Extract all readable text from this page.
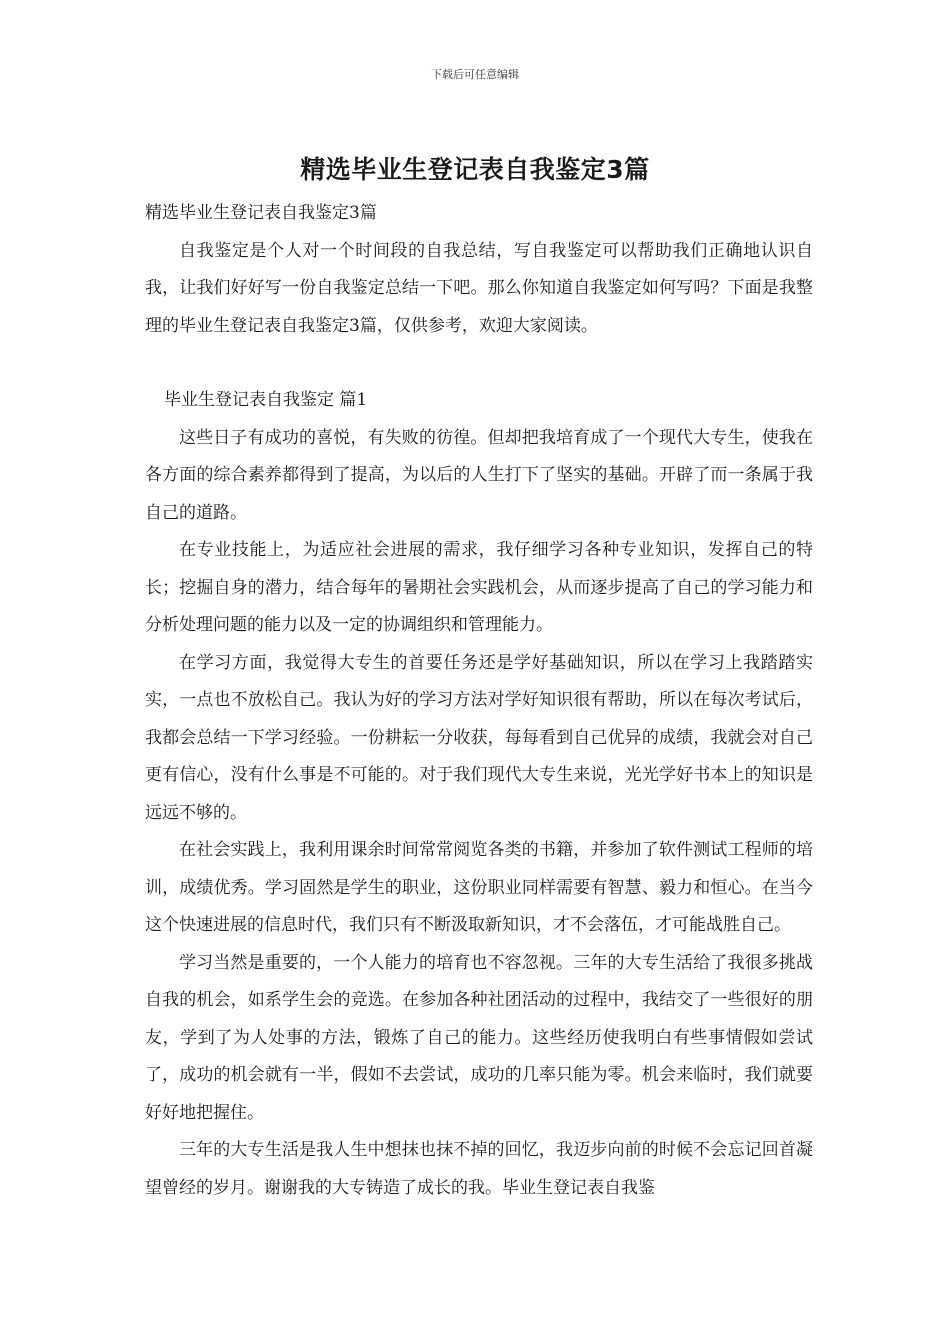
下载后可任意编辑
精选毕业生登记表自我鉴定3篇

精选毕业生登记表自我鉴定3篇

自我鉴定是个人对一个时间段的自我总结，写自我鉴定可以帮助我们正确地认识自我，让我们好好写一份自我鉴定总结一下吧。那么你知道自我鉴定如何写吗？下面是我整理的毕业生登记表自我鉴定3篇，仅供参考，欢迎大家阅读。

毕业生登记表自我鉴定 篇1

这些日子有成功的喜悦，有失败的彷徨。但却把我培育成了一个现代大专生，使我在各方面的综合素养都得到了提高，为以后的人生打下了坚实的基础。开辟了而一条属于我自己的道路。

在专业技能上，为适应社会进展的需求，我仔细学习各种专业知识，发挥自己的特长；挖掘自身的潜力，结合每年的暑期社会实践机会，从而逐步提高了自己的学习能力和分析处理问题的能力以及一定的协调组织和管理能力。

在学习方面，我觉得大专生的首要任务还是学好基础知识，所以在学习上我踏踏实实，一点也不放松自己。我认为好的学习方法对学好知识很有帮助，所以在每次考试后，我都会总结一下学习经验。一份耕耘一分收获，每每看到自己优异的成绩，我就会对自己更有信心，没有什么事是不可能的。对于我们现代大专生来说，光光学好书本上的知识是远远不够的。

在社会实践上，我利用课余时间常常阅览各类的书籍，并参加了软件测试工程师的培训，成绩优秀。学习固然是学生的职业，这份职业同样需要有智慧、毅力和恒心。在当今这个快速进展的信息时代，我们只有不断汲取新知识，才不会落伍，才可能战胜自己。

学习当然是重要的，一个人能力的培育也不容忽视。三年的大专生活给了我很多挑战自我的机会，如系学生会的竞选。在参加各种社团活动的过程中，我结交了一些很好的朋友，学到了为人处事的方法，锻炼了自己的能力。这些经历使我明白有些事情假如尝试了，成功的机会就有一半，假如不去尝试，成功的几率只能为零。机会来临时，我们就要好好地把握住。

三年的大专生活是我人生中想抹也抹不掉的回忆，我迈步向前的时候不会忘记回首凝望曾经的岁月。谢谢我的大专铸造了成长的我。毕业生登记表自我鉴
